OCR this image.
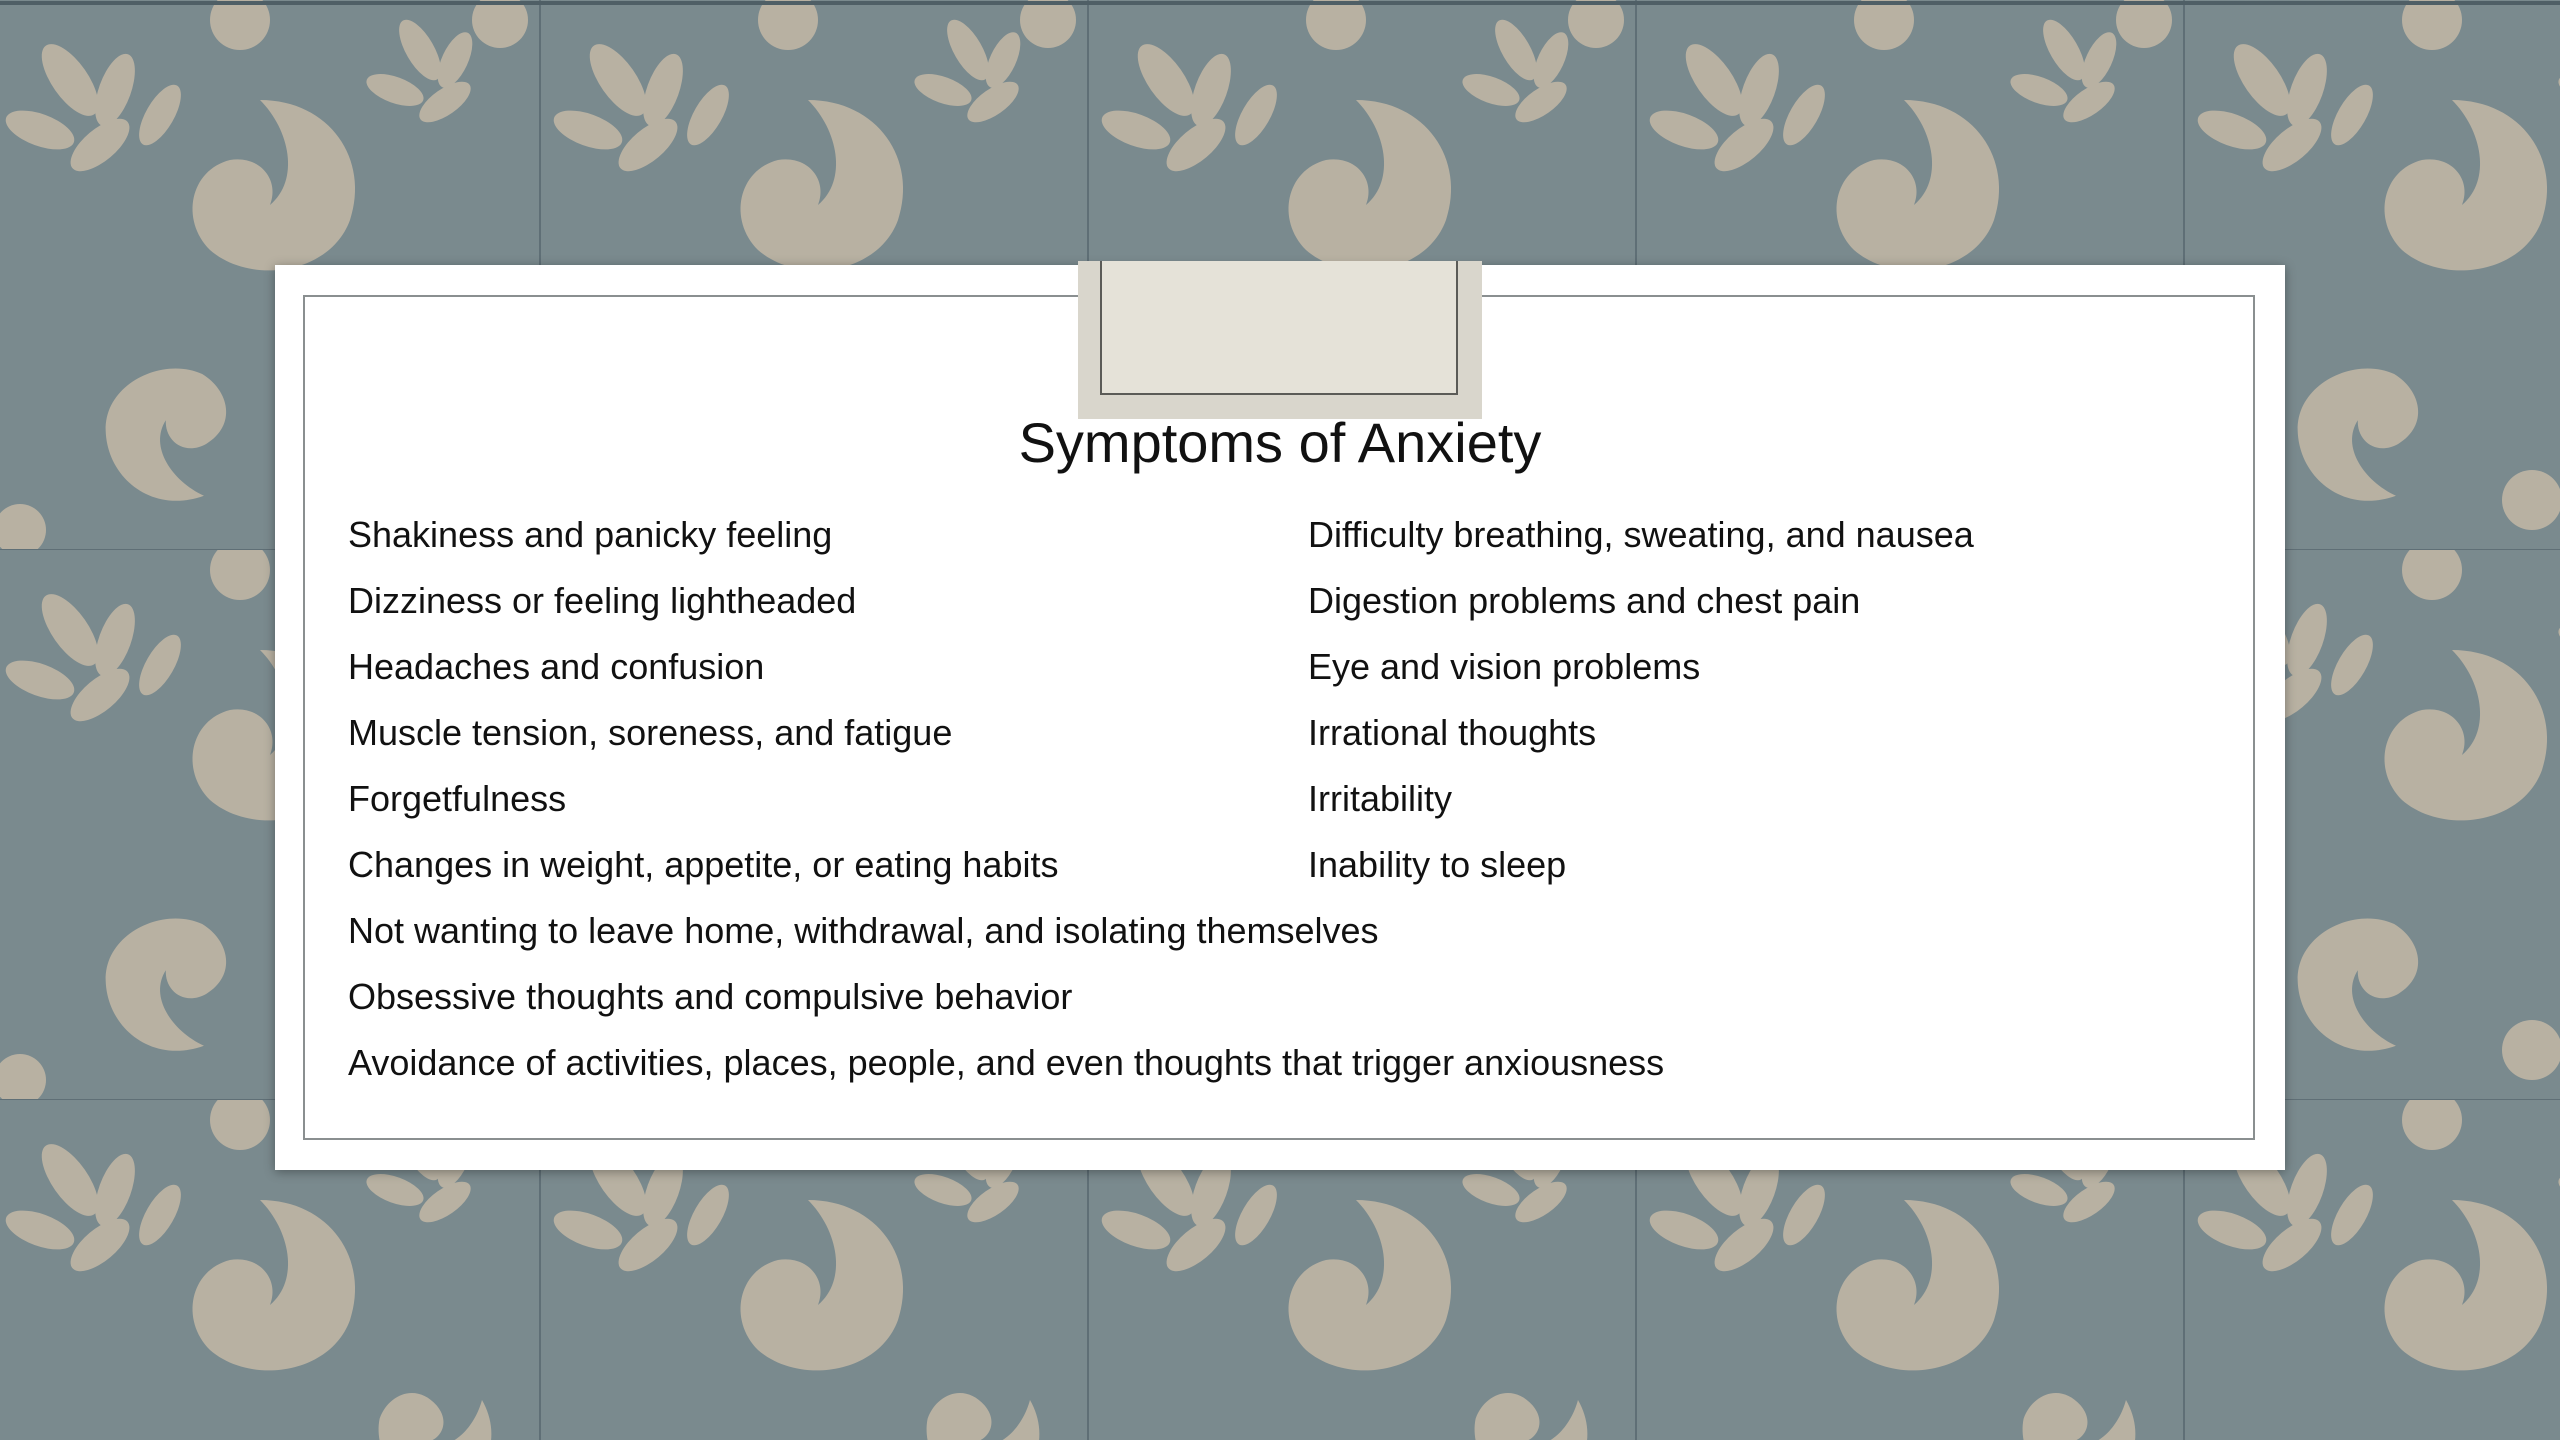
Symptoms of Anxiety
Shakiness and panicky feeling
Dizziness or feeling lightheaded
Headaches and confusion
Muscle tension, soreness, and fatigue
Forgetfulness
Changes in weight, appetite, or eating habits
Not wanting to leave home, withdrawal, and isolating themselves
Obsessive thoughts and compulsive behavior
Avoidance of activities, places, people, and even thoughts that trigger anxiousness
Difficulty breathing, sweating, and nausea
Digestion problems and chest pain
Eye and vision problems
Irrational thoughts
Irritability
Inability to sleep
